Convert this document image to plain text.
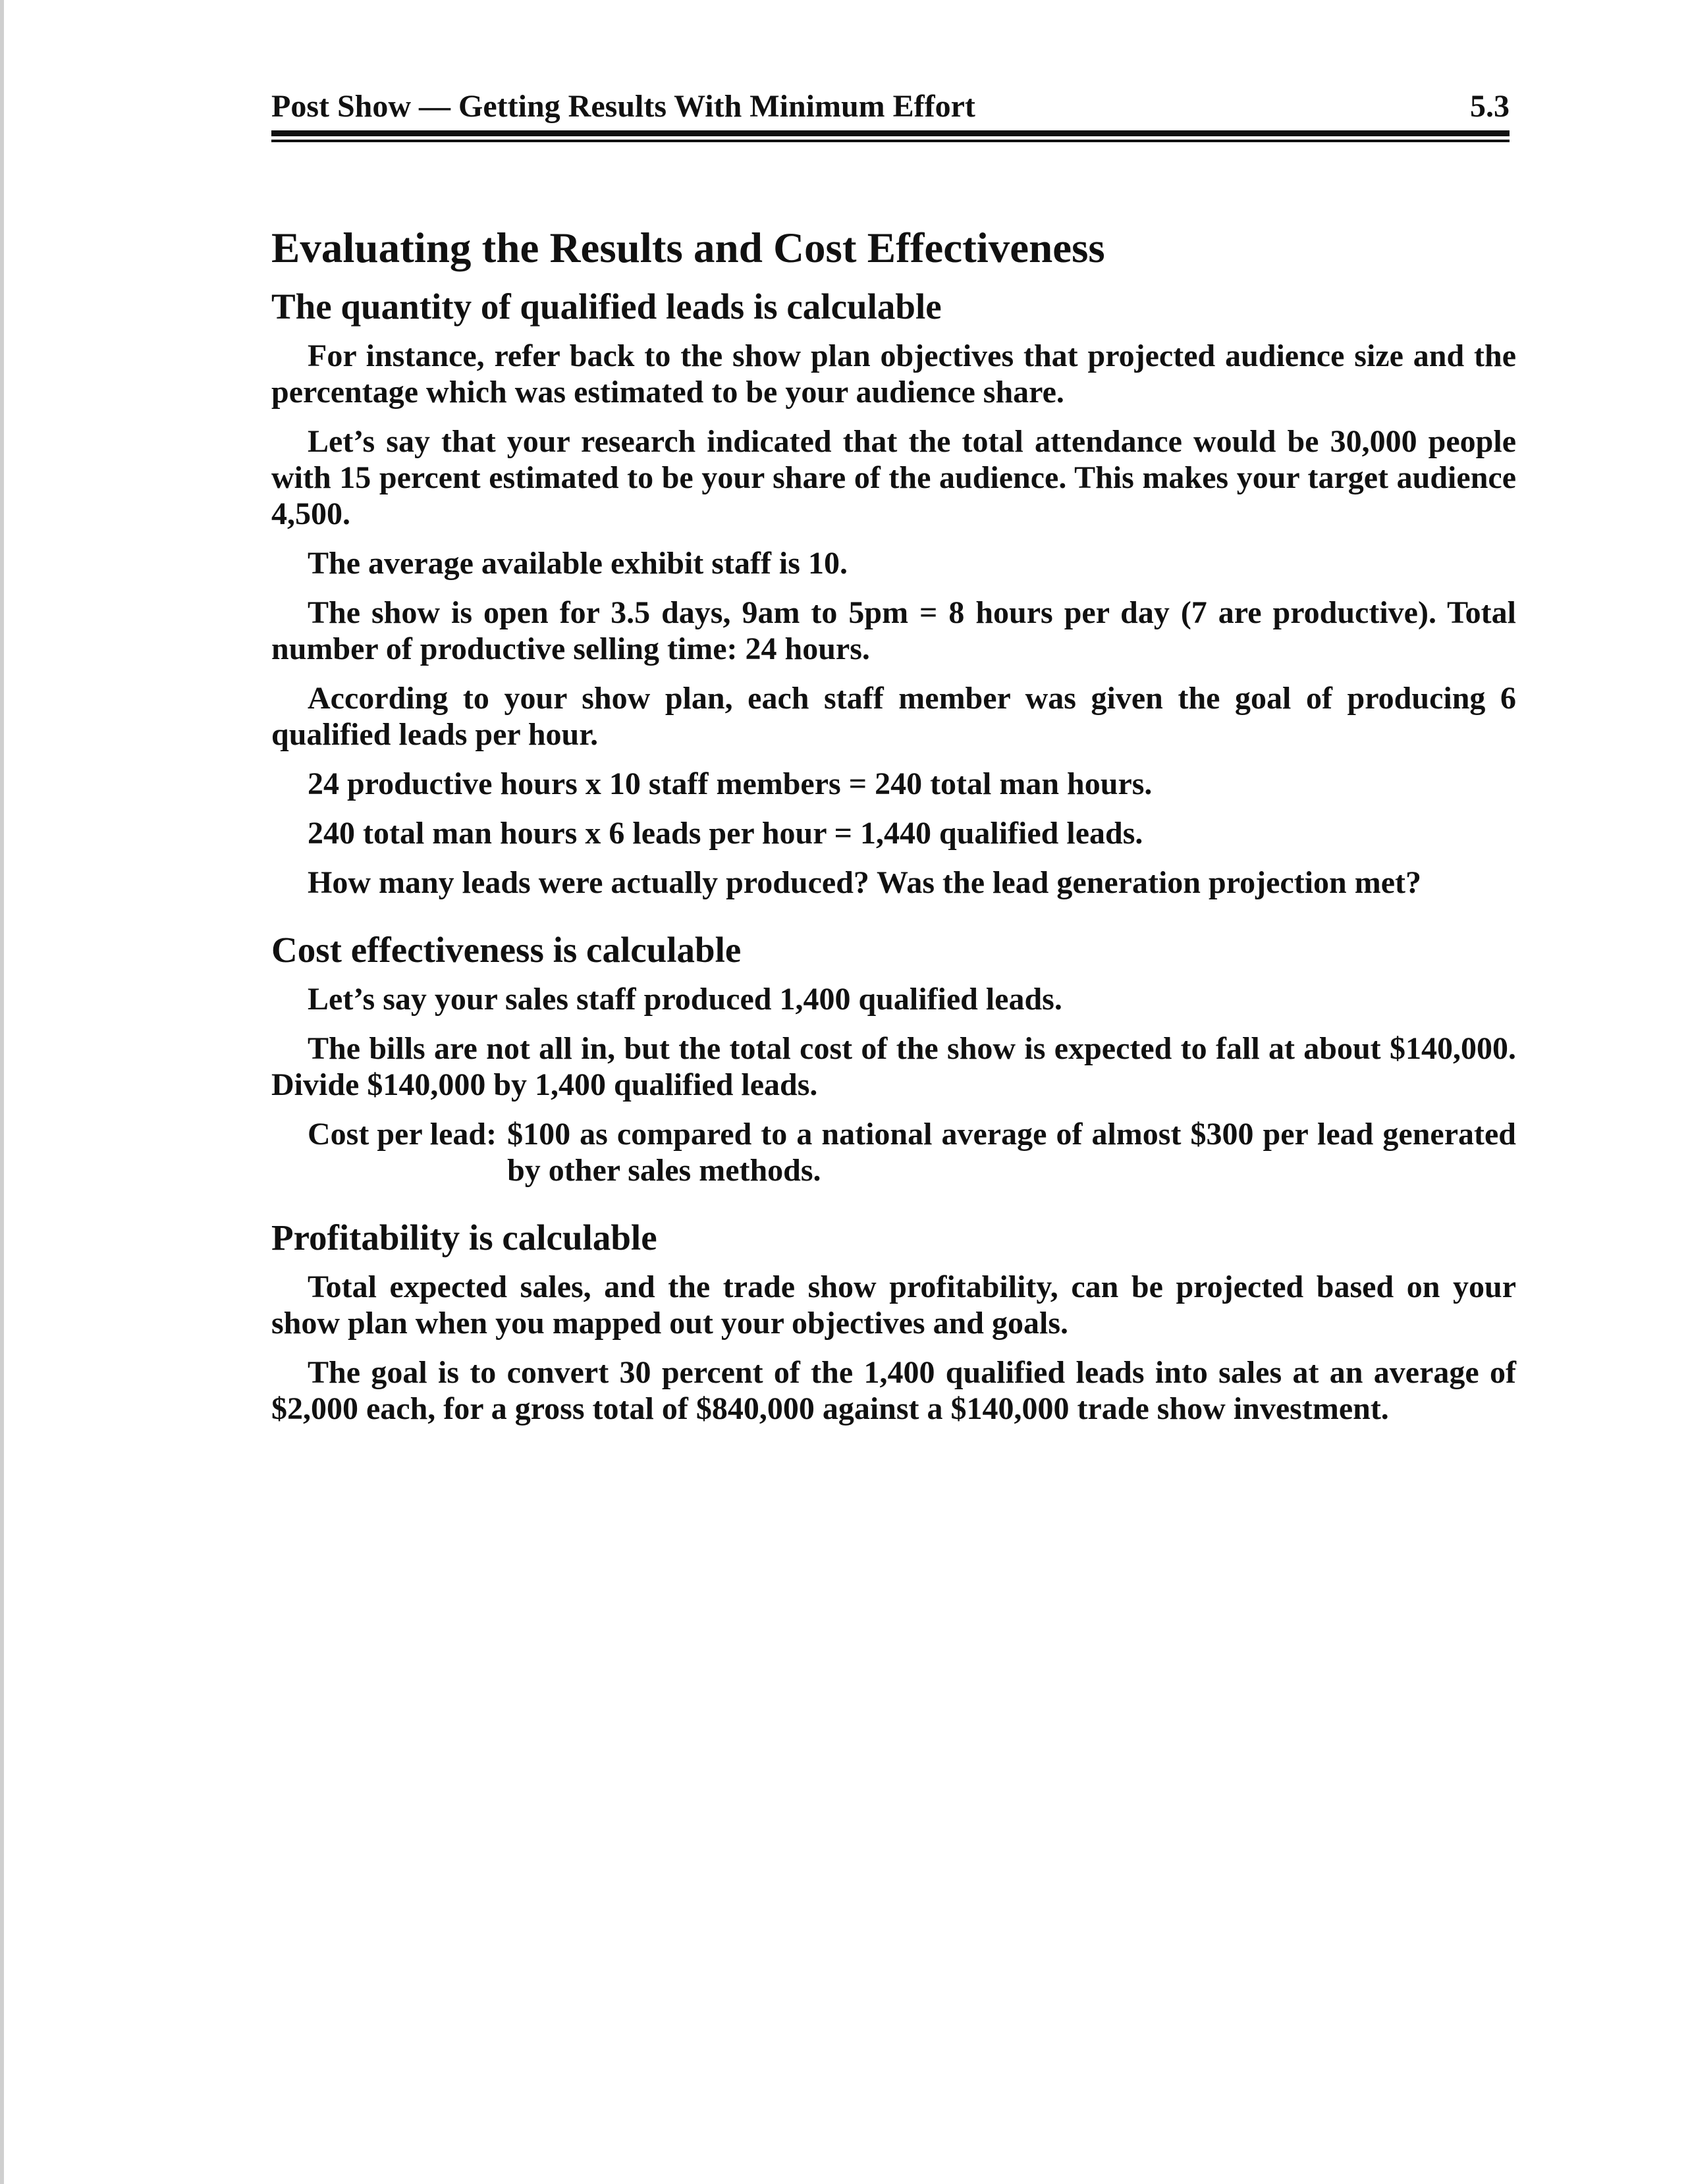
Post Show — Getting Results With Minimum Effort	5.3
Evaluating the Results and Cost Effectiveness
The quantity of qualified leads is calculable

For instance, refer back to the show plan objectives that projected audience size and the percentage which was estimated to be your audience share.

Let’s say that your research indicated that the total attendance would be 30,000 people with 15 percent estimated to be your share of the audience. This makes your target audience 4,500.

The average available exhibit staff is 10.

The show is open for 3.5 days, 9am to 5pm = 8 hours per day (7 are productive). Total number of productive selling time: 24 hours.

According to your show plan, each staff member was given the goal of producing 6 qualified leads per hour.

24 productive hours x 10 staff members = 240 total man hours.

240 total man hours x 6 leads per hour = 1,440 qualified leads.

How many leads were actually produced? Was the lead generation projection met?

Cost effectiveness is calculable

Let’s say your sales staff produced 1,400 qualified leads.

The bills are not all in, but the total cost of the show is expected to fall at about $140,000. Divide $140,000 by 1,400 qualified leads.

Cost per lead: $100 as compared to a national average of almost $300 per lead generated by other sales methods.
Profitability is calculable

Total expected sales, and the trade show profitability, can be projected based on your show plan when you mapped out your objectives and goals.

The goal is to convert 30 percent of the 1,400 qualified leads into sales at an average of $2,000 each, for a gross total of $840,000 against a $140,000 trade show investment.
